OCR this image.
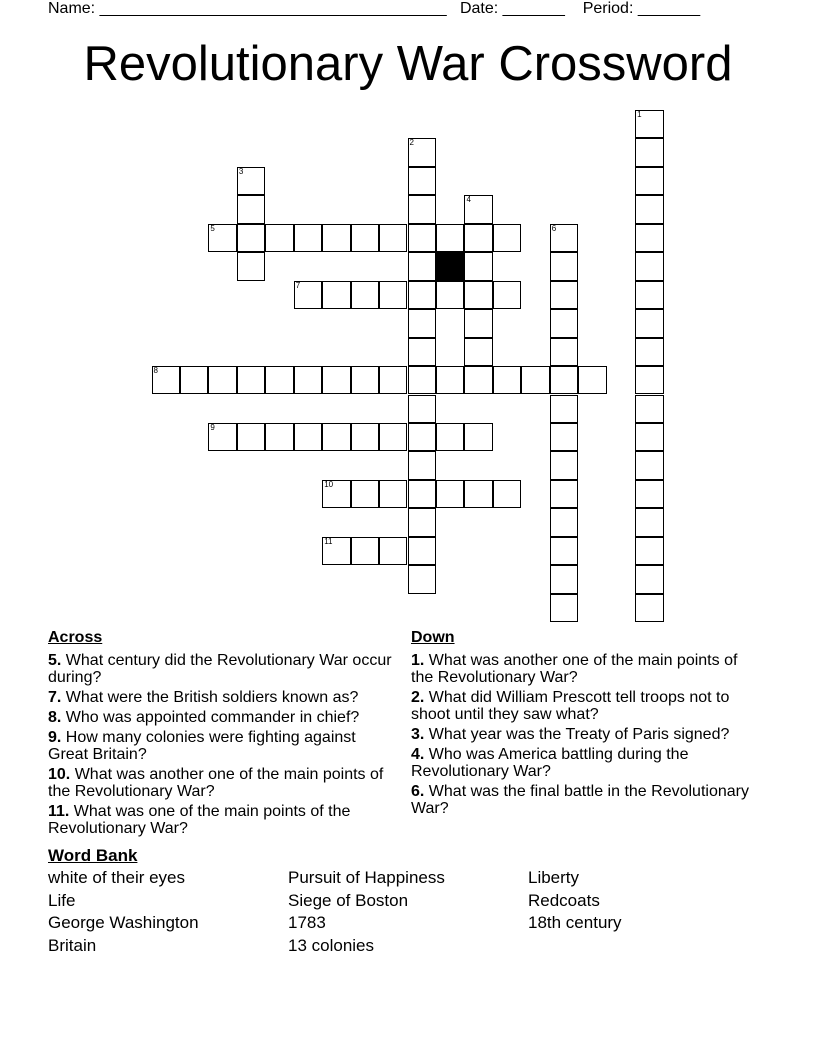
Name: _______________________________________   Date: _______    Period: _______
Revolutionary War Crossword
1
2
3
4
5	6
7
8
9
10
11
Across
5. What century did the Revolutionary War occur during?
7. What were the British soldiers known as?
8. Who was appointed commander in chief?
9. How many colonies were fighting against Great Britain?
10. What was another one of the main points of the Revolutionary War?
11. What was one of the main points of the Revolutionary War?
Down
1. What was another one of the main points of the Revolutionary War?
2. What did William Prescott tell troops not to shoot until they saw what?
3. What year was the Treaty of Paris signed?
4. Who was America battling during the Revolutionary War?
6. What was the final battle in the Revolutionary War?
Word Bank
white of their eyes
Life
George Washington
Britain
Pursuit of Happiness
Siege of Boston
1783
13 colonies
Liberty
Redcoats
18th century
